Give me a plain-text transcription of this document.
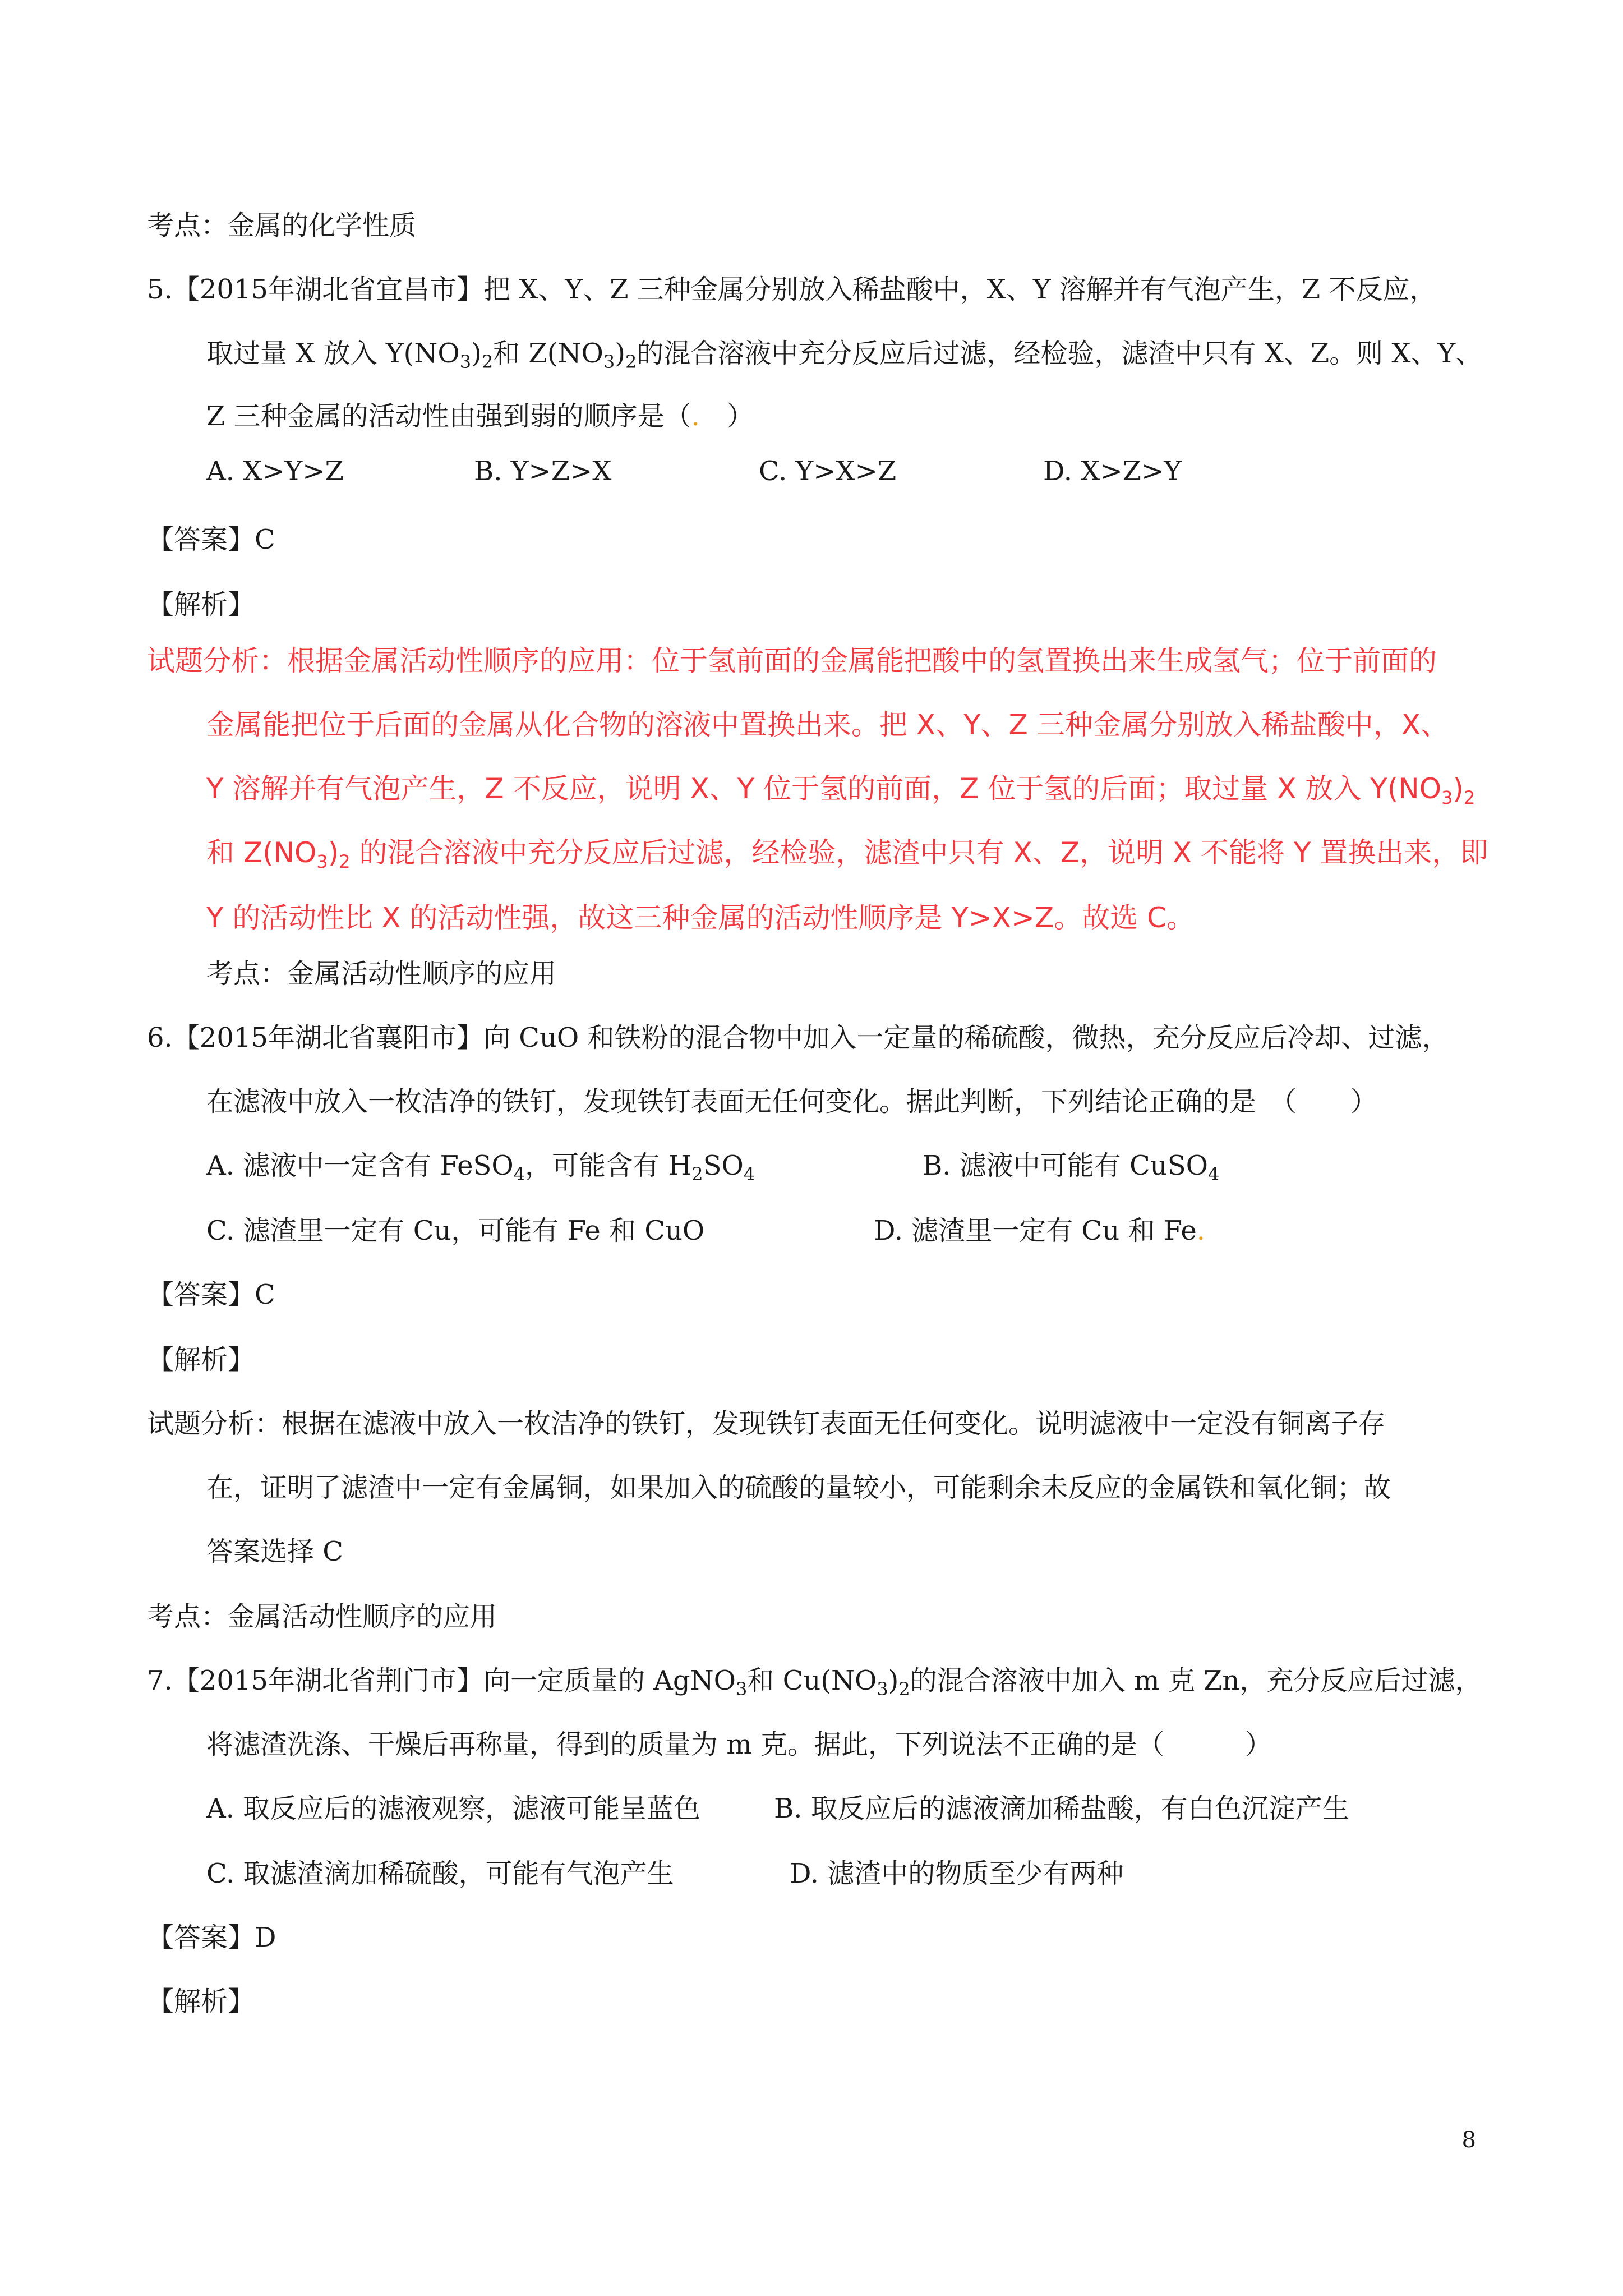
考点：金属的化学性质
5.【2015年湖北省宜昌市】把 X、Y、Z 三种金属分别放入稀盐酸中，X、Y 溶解并有气泡产生，Z 不反应，
取过量 X 放入 $Y(NO_3)_2$和 $Z(NO_3)_2$的混合溶液中充分反应后过滤，经检验，滤渣中只有 X、Z。则 X、Y、
Z 三种金属的活动性由强到弱的顺序是（.　）
A. X>Y>Z	B. Y>Z>X	C. Y>X>Z	D. X>Z>Y
【答案】C
【解析】
试题分析：根据金属活动性顺序的应用：位于氢前面的金属能把酸中的氢置换出来生成氢气；位于前面的
金属能把位于后面的金属从化合物的溶液中置换出来。把 X、Y、Z 三种金属分别放入稀盐酸中，X、
Y 溶解并有气泡产生，Z 不反应，说明 X、Y 位于氢的前面，Z 位于氢的后面；取过量 X 放入 $Y(NO_3)_2$
和 $Z(NO_3)_2$ 的混合溶液中充分反应后过滤，经检验，滤渣中只有 X、Z，说明 X 不能将 Y 置换出来，即
Y 的活动性比 X 的活动性强，故这三种金属的活动性顺序是 Y>X>Z。故选 C。
考点：金属活动性顺序的应用
6.【2015年湖北省襄阳市】向 CuO 和铁粉的混合物中加入一定量的稀硫酸，微热，充分反应后冷却、过滤，
在滤液中放入一枚洁净的铁钉，发现铁钉表面无任何变化。据此判断，下列结论正确的是　（　　）
A. 滤液中一定含有 FeSO$_4$，可能含有 $H_2SO_4$	B. 滤液中可能有 CuSO$_4$
C. 滤渣里一定有 Cu，可能有 Fe 和 CuO	D. 滤渣里一定有 Cu 和 Fe.
【答案】C
【解析】
试题分析：根据在滤液中放入一枚洁净的铁钉，发现铁钉表面无任何变化。说明滤液中一定没有铜离子存
在，证明了滤渣中一定有金属铜，如果加入的硫酸的量较小，可能剩余未反应的金属铁和氧化铜；故
答案选择 C
考点：金属活动性顺序的应用
7.【2015年湖北省荆门市】向一定质量的 AgNO$_3$和 $Cu(NO_3)_2$的混合溶液中加入 m 克 Zn，充分反应后过滤，
将滤渣洗涤、干燥后再称量，得到的质量为 m 克。据此，下列说法不正确的是（　　　）
A. 取反应后的滤液观察，滤液可能呈蓝色	B. 取反应后的滤液滴加稀盐酸，有白色沉淀产生
C. 取滤渣滴加稀硫酸，可能有气泡产生	D. 滤渣中的物质至少有两种
【答案】D
【解析】
8
